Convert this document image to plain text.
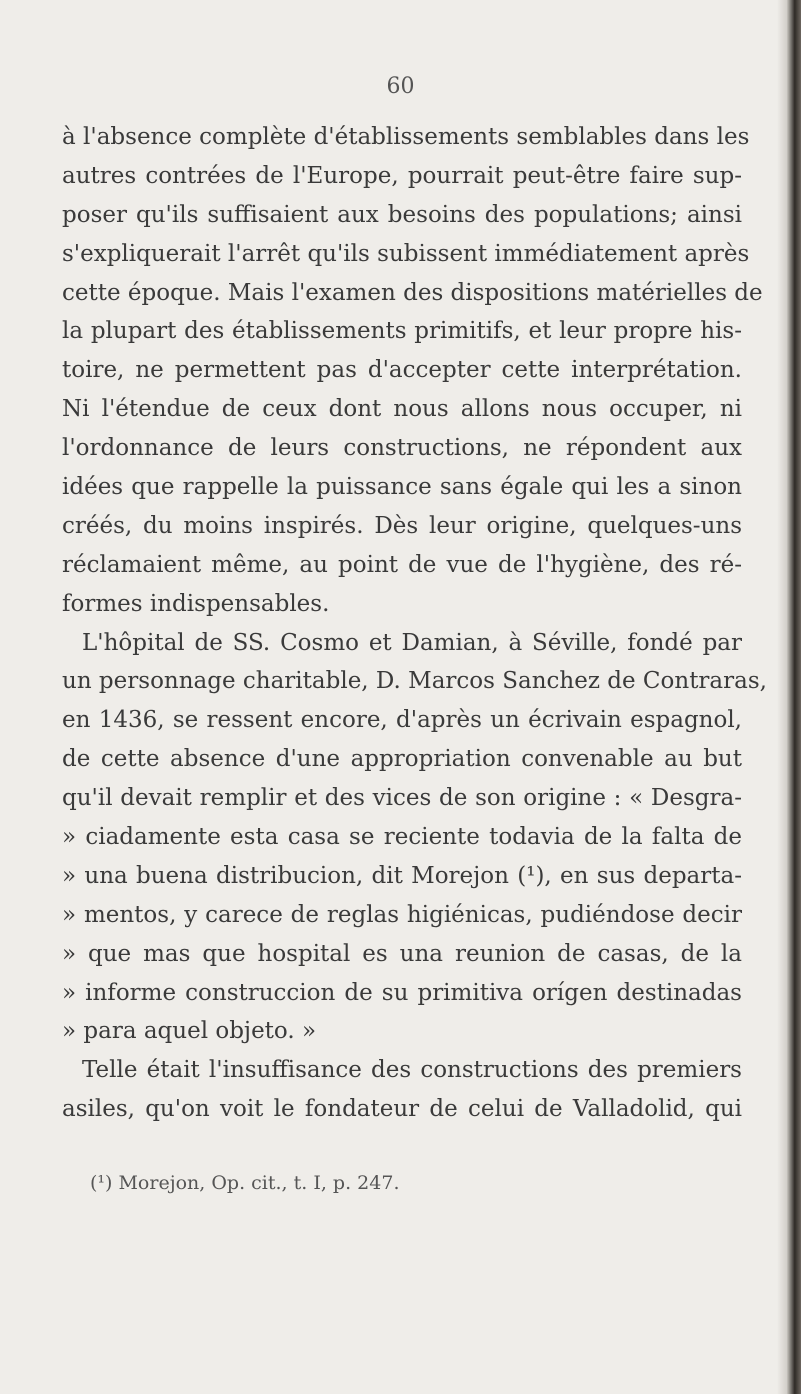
60
à l'absence complète d'établissements semblables dans les
autres contrées de l'Europe, pourrait peut-être faire sup-
poser qu'ils suffisaient aux besoins des populations; ainsi
s'expliquerait l'arrêt qu'ils subissent immédiatement après
cette époque. Mais l'examen des dispositions matérielles de
la plupart des établissements primitifs, et leur propre his-
toire, ne permettent pas d'accepter cette interprétation.
Ni l'étendue de ceux dont nous allons nous occuper, ni
l'ordonnance de leurs constructions, ne répondent aux
idées que rappelle la puissance sans égale qui les a sinon
créés, du moins inspirés. Dès leur origine, quelques-uns
réclamaient même, au point de vue de l'hygiène, des ré-
formes indispensables.
L'hôpital de SS. Cosmo et Damian, à Séville, fondé par
un personnage charitable, D. Marcos Sanchez de Contraras,
en 1436, se ressent encore, d'après un écrivain espagnol,
de cette absence d'une appropriation convenable au but
qu'il devait remplir et des vices de son origine : « Desgra-
» ciadamente esta casa se reciente todavia de la falta de
» una buena distribucion, dit Morejon (¹), en sus departa-
» mentos, y carece de reglas higiénicas, pudiéndose decir
» que mas que hospital es una reunion de casas, de la
» informe construccion de su primitiva orígen destinadas
» para aquel objeto. »
Telle était l'insuffisance des constructions des premiers
asiles, qu'on voit le fondateur de celui de Valladolid, qui
(¹) Morejon, Op. cit., t. I, p. 247.
